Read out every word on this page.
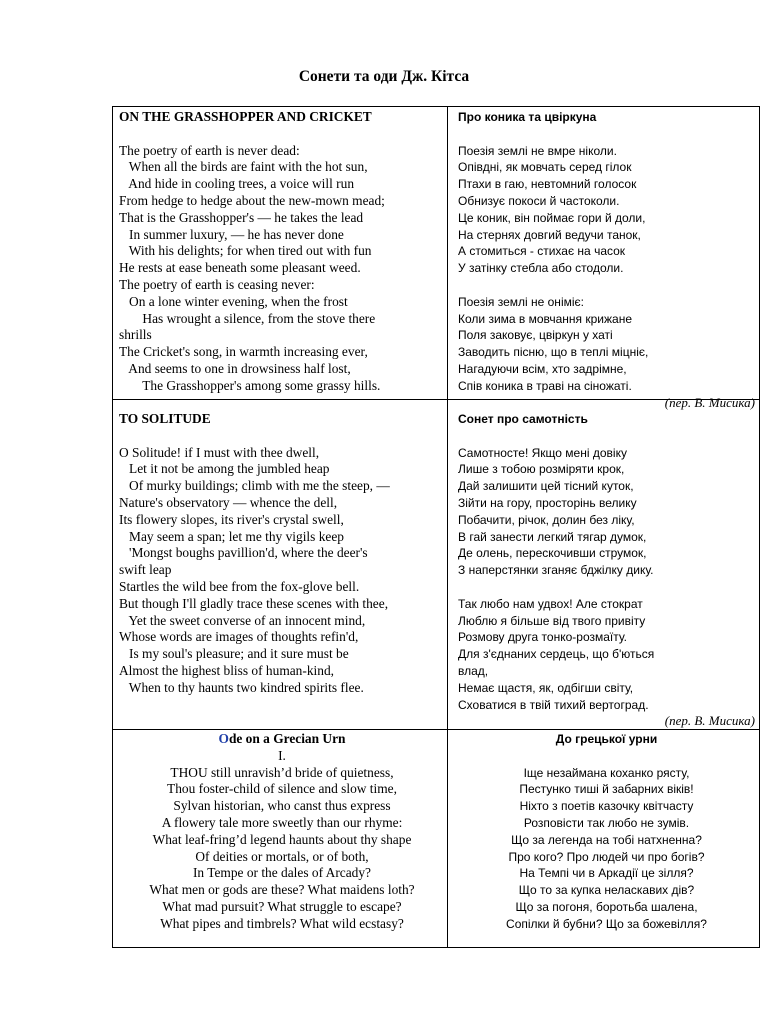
Сонети та оди Дж. Кітса
ON THE GRASSHOPPER AND CRICKET
The poetry of earth is never dead:
When all the birds are faint with the hot sun,
And hide in cooling trees, a voice will run
From hedge to hedge about the new-mown mead;
That is the Grasshopper's — he takes the lead
In summer luxury, — he has never done
With his delights; for when tired out with fun
He rests at ease beneath some pleasant weed.
The poetry of earth is ceasing never:
On a lone winter evening, when the frost
Has wrought a silence, from the stove there
shrills
The Cricket's song, in warmth increasing ever,
And seems to one in drowsiness half lost,
The Grasshopper's among some grassy hills.
Про коника та цвіркуна
Поезія землі не вмре ніколи.
Опівдні, як мовчать серед гілок
Птахи в гаю, невтомний голосок
Обнизує покоси й частоколи.
Це коник, він поймає гори й доли,
На стернях довгий ведучи танок,
А стомиться - стихає на часок
У затінку стебла або стодоли.
Поезія землі не оніміє:
Коли зима в мовчання крижане
Поля заковує, цвіркун у хаті
Заводить пісню, що в теплі міцніє,
Нагадуючи всім, хто задрімне,
Спів коника в траві на сіножаті.
(пер. В. Мисика)
TO SOLITUDE
O Solitude! if I must with thee dwell,
Let it not be among the jumbled heap
Of murky buildings; climb with me the steep, —
Nature's observatory — whence the dell,
Its flowery slopes, its river's crystal swell,
May seem a span; let me thy vigils keep
'Mongst boughs pavillion'd, where the deer's
swift leap
Startles the wild bee from the fox-glove bell.
But though I'll gladly trace these scenes with thee,
Yet the sweet converse of an innocent mind,
Whose words are images of thoughts refin'd,
Is my soul's pleasure; and it sure must be
Almost the highest bliss of human-kind,
When to thy haunts two kindred spirits flee.
Сонет про самотність
Самотносте! Якщо мені довіку
Лише з тобою розміряти крок,
Дай залишити цей тісний куток,
Зійти на гору, просторінь велику
Побачити, річок, долин без ліку,
В гай занести легкий тягар думок,
Де олень, перескочивши струмок,
З наперстянки зганяє бджілку дику.
Так любо нам удвох! Але стократ
Люблю я більше від твого привіту
Розмову друга тонко-розмаїту.
Для з'єднаних сердець, що б'ються
влад,
Немає щастя, як, одбігши світу,
Сховатися в твій тихий вертоград.
(пер. В. Мисика)
Ode on a Grecian Urn
I.
THOU still unravish’d bride of quietness,
Thou foster-child of silence and slow time,
Sylvan historian, who canst thus express
A flowery tale more sweetly than our rhyme:
What leaf-fring’d legend haunts about thy shape
Of deities or mortals, or of both,
In Tempe or the dales of Arcady?
What men or gods are these? What maidens loth?
What mad pursuit? What struggle to escape?
What pipes and timbrels? What wild ecstasy?
До грецької урни
Іще незаймана коханко рясту,
Пестунко тиші й забарних віків!
Ніхто з поетів казочку квітчасту
Розповісти так любо не зумів.
Що за легенда на тобі натхненна?
Про кого? Про людей чи про богів?
На Темпі чи в Аркадії це зілля?
Що то за купка неласкавих дів?
Що за погоня, боротьба шалена,
Сопілки й бубни? Що за божевілля?
